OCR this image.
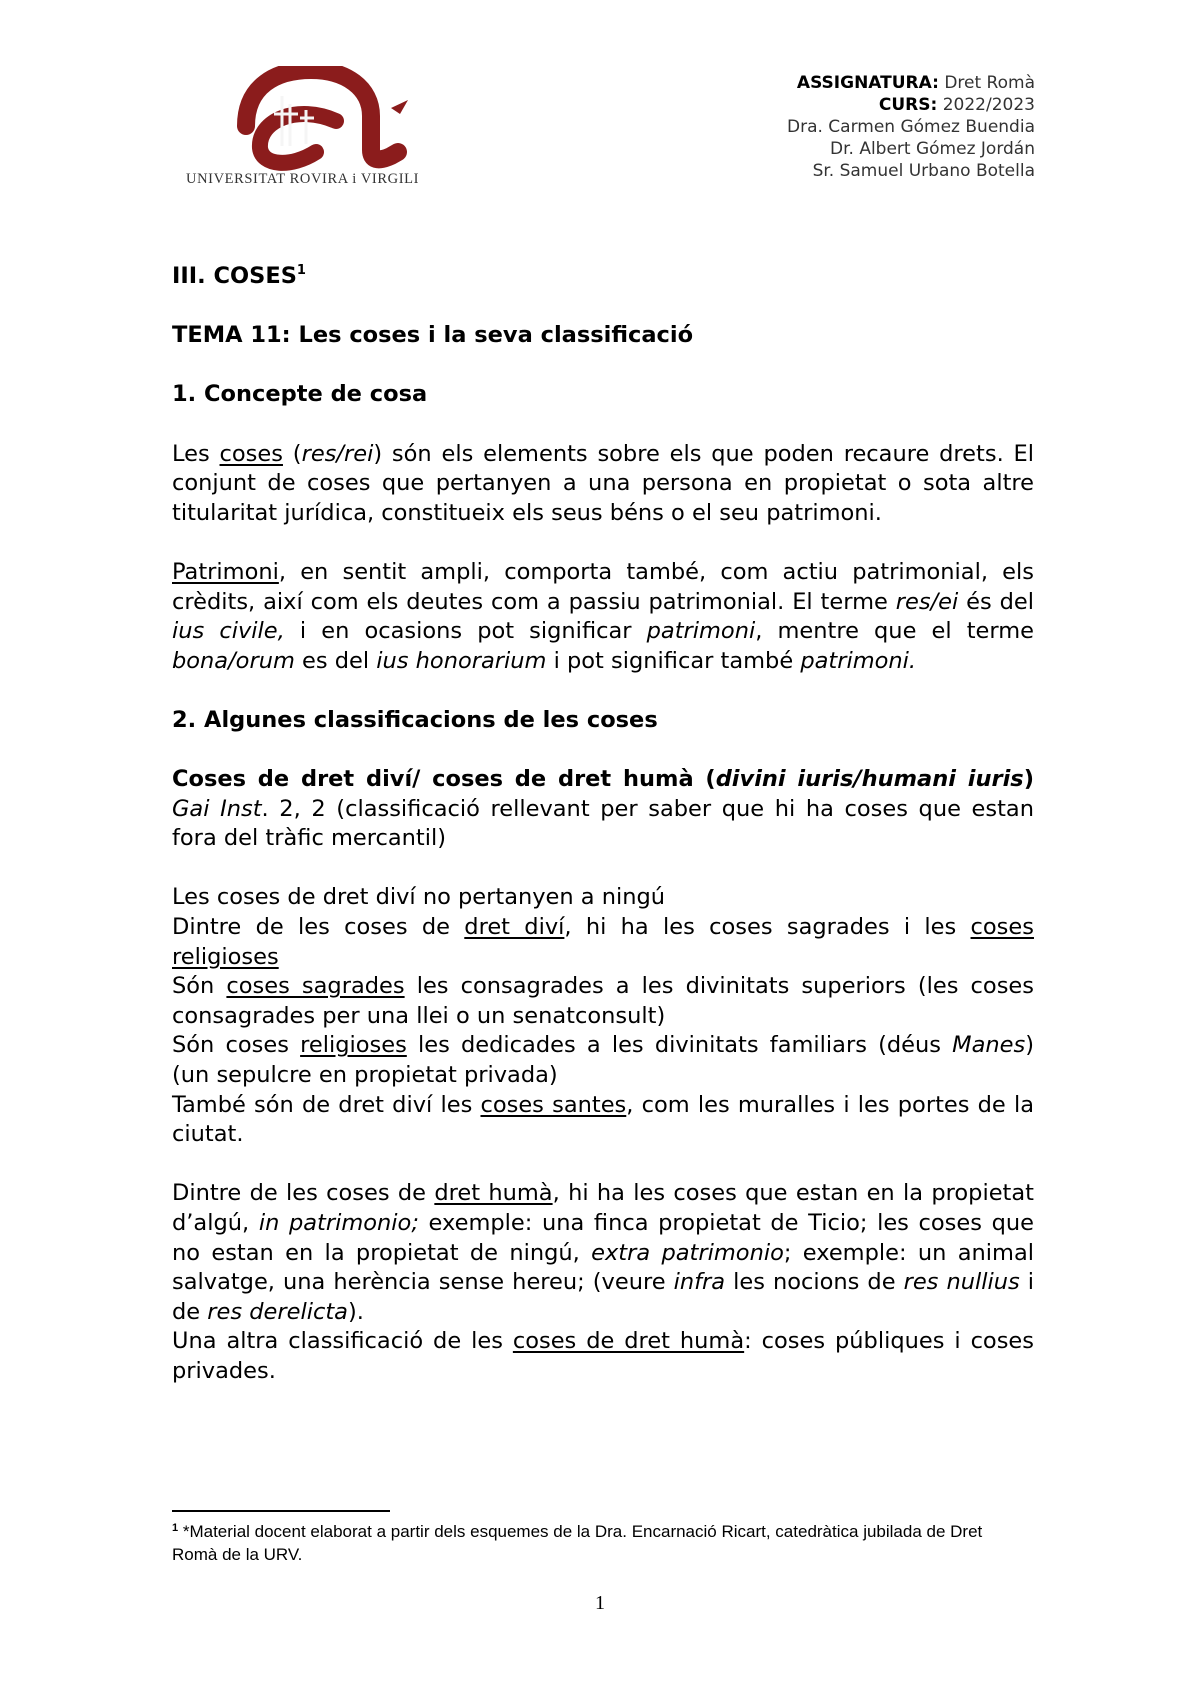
UNIVERSITAT ROVIRA i VIRGILI
ASSIGNATURA: Dret Romà
CURS: 2022/2023
Dra. Carmen Gómez Buendia
Dr. Albert Gómez Jordán
Sr. Samuel Urbano Botella

III. COSES$^1$

TEMA 11: Les coses i la seva classificació

1. Concepte de cosa

Les coses (res/rei) són els elements sobre els que poden recaure drets. El conjunt de coses que pertanyen a una persona en propietat o sota altre titularitat jurídica, constitueix els seus béns o el seu patrimoni.

Patrimoni, en sentit ampli, comporta també, com actiu patrimonial, els crèdits, així com els deutes com a passiu patrimonial. El terme res/ei és del ius civile, i en ocasions pot significar patrimoni, mentre que el terme bona/orum es del ius honorarium i pot significar també patrimoni.

2. Algunes classificacions de les coses

Coses de dret diví/ coses de dret humà (divini iuris/humani iuris) Gai Inst. 2, 2 (classificació rellevant per saber que hi ha coses que estan fora del tràfic mercantil)

Les coses de dret diví no pertanyen a ningú

Dintre de les coses de dret diví, hi ha les coses sagrades i les coses religioses

Són coses sagrades les consagrades a les divinitats superiors (les coses consagrades per una llei o un senatconsult)

Són coses religioses les dedicades a les divinitats familiars (déus Manes) (un sepulcre en propietat privada)

També són de dret diví les coses santes, com les muralles i les portes de la ciutat.

Dintre de les coses de dret humà, hi ha les coses que estan en la propietat d’algú, in patrimonio; exemple: una finca propietat de Ticio; les coses que no estan en la propietat de ningú, extra patrimonio; exemple: un animal salvatge, una herència sense hereu; (veure infra les nocions de res nullius i de res derelicta).

Una altra classificació de les coses de dret humà: coses públiques i coses privades.

$^1$ *Material docent elaborat a partir dels esquemes de la Dra. Encarnació Ricart, catedràtica jubilada de Dret Romà de la URV.
1
